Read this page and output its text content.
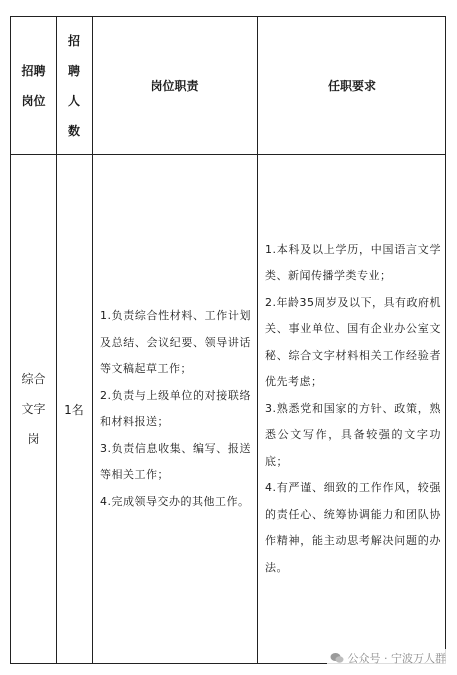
招聘
岗位
招
聘
人
数
岗位职责	任职要求
综合
文字
岗
1名

1.负责综合性材料、工作计划及总结、会议纪要、领导讲话等文稿起草工作；

2.负责与上级单位的对接联络和材料报送；

3.负责信息收集、编写、报送等相关工作；

4.完成领导交办的其他工作。

1.本科及以上学历，中国语言文学类、新闻传播学类专业；

2.年龄35周岁及以下，具有政府机关、事业单位、国有企业办公室文秘、综合文字材料相关工作经验者优先考虑；

3.熟悉党和国家的方针、政策，熟悉公文写作，具备较强的文字功底；

4.有严谨、细致的工作作风，较强的责任心、统筹协调能力和团队协作精神，能主动思考解决问题的办法。

公众号 · 宁波万人群
